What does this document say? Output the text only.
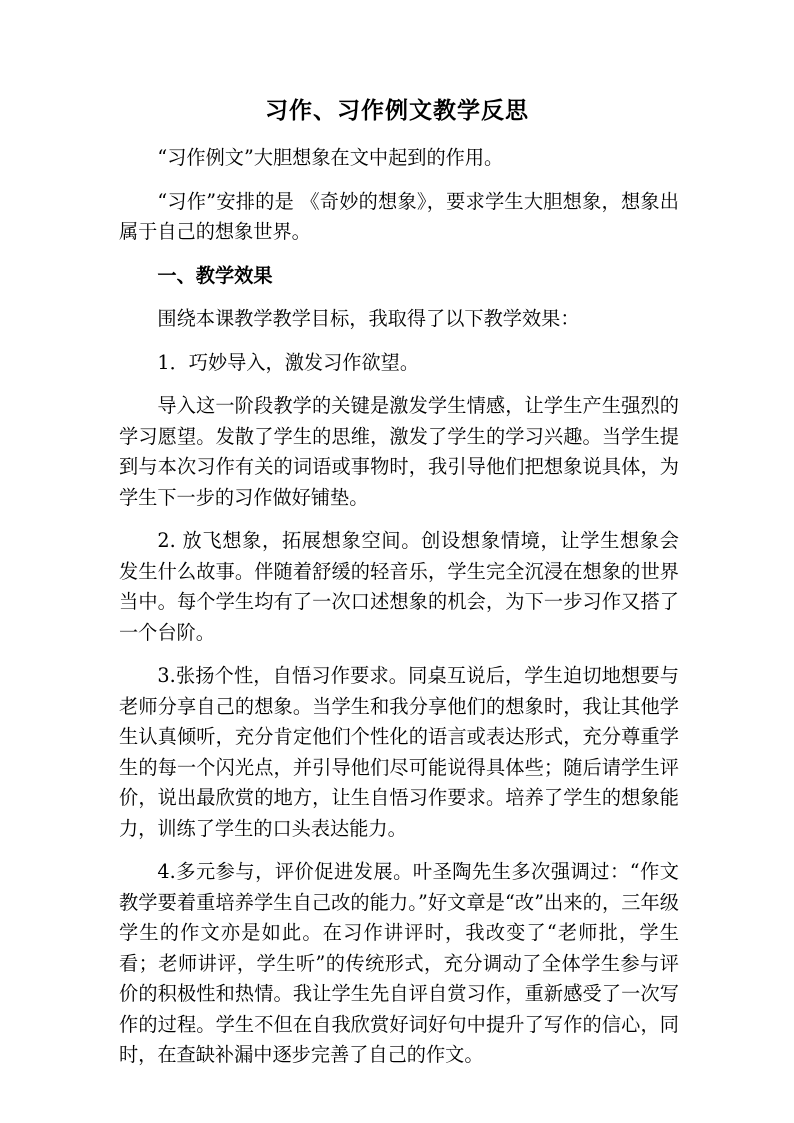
习作、习作例文教学反思

“习作例文”大胆想象在文中起到的作用。

“习作”安排的是 《奇妙的想象》，要求学生大胆想象，想象出属于自己的想象世界。

一、教学效果

围绕本课教学教学目标，我取得了以下教学效果：

1．巧妙导入，激发习作欲望。

导入这一阶段教学的关键是激发学生情感，让学生产生强烈的学习愿望。发散了学生的思维，激发了学生的学习兴趣。当学生提到与本次习作有关的词语或事物时，我引导他们把想象说具体，为学生下一步的习作做好铺垫。

2. 放飞想象，拓展想象空间。创设想象情境，让学生想象会发生什么故事。伴随着舒缓的轻音乐，学生完全沉浸在想象的世界当中。每个学生均有了一次口述想象的机会，为下一步习作又搭了一个台阶。

3.张扬个性，自悟习作要求。同桌互说后，学生迫切地想要与老师分享自己的想象。当学生和我分享他们的想象时，我让其他学生认真倾听，充分肯定他们个性化的语言或表达形式，充分尊重学生的每一个闪光点，并引导他们尽可能说得具体些；随后请学生评价，说出最欣赏的地方，让生自悟习作要求。培养了学生的想象能力，训练了学生的口头表达能力。

4.多元参与，评价促进发展。叶圣陶先生多次强调过：“作文教学要着重培养学生自己改的能力。”好文章是“改”出来的，三年级学生的作文亦是如此。在习作讲评时，我改变了“老师批，学生看；老师讲评，学生听”的传统形式，充分调动了全体学生参与评价的积极性和热情。我让学生先自评自赏习作，重新感受了一次写作的过程。学生不但在自我欣赏好词好句中提升了写作的信心，同时，在查缺补漏中逐步完善了自己的作文。
